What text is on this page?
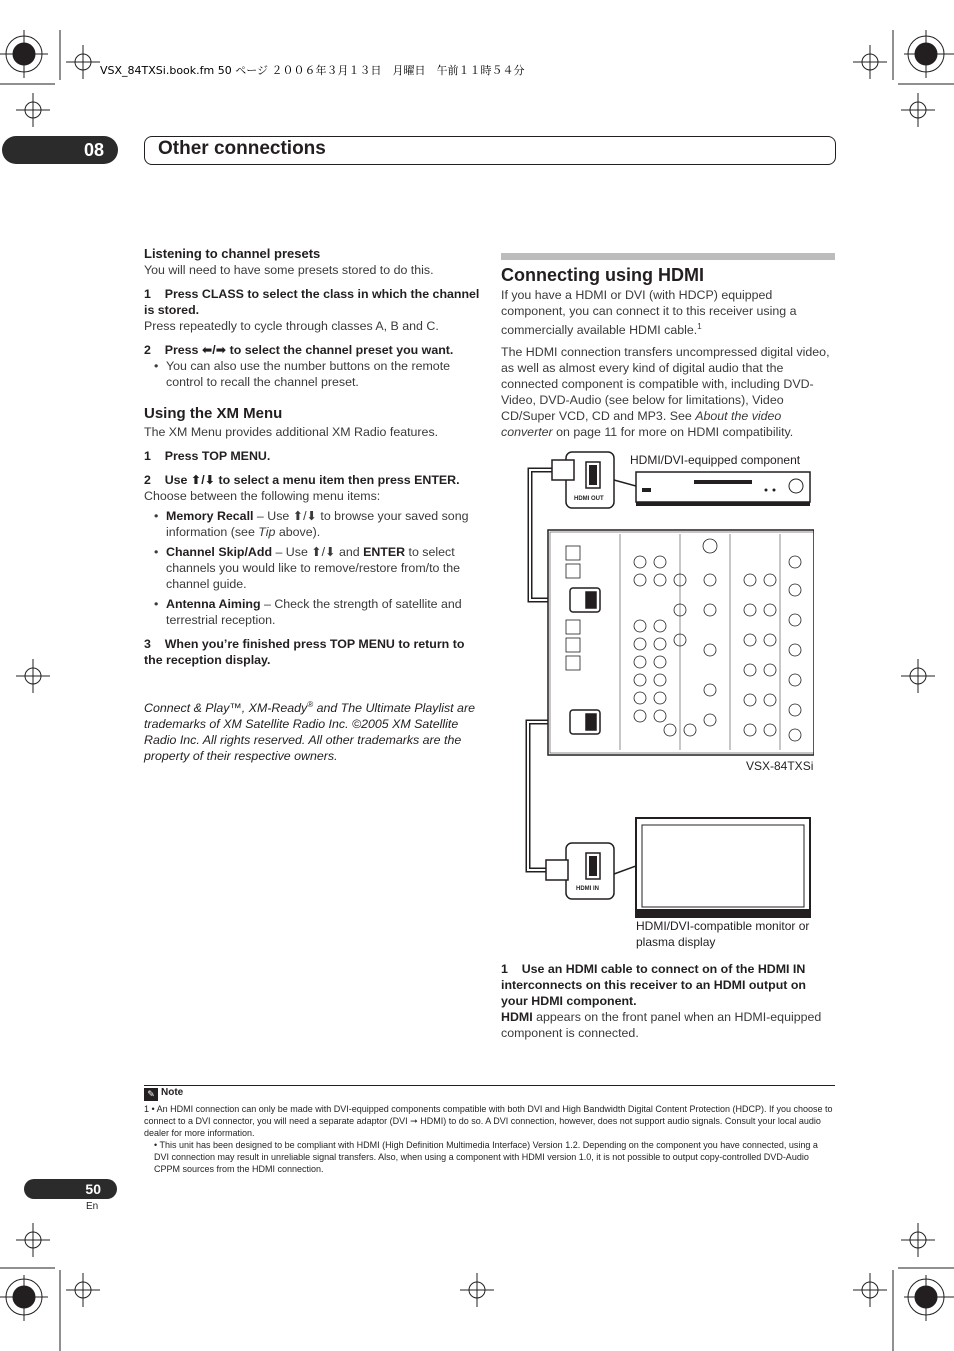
VSX_84TXSi.book.fm 50 ページ ２００６年３月１３日　月曜日　午前１１時５４分
08	Other connections
Listening to channel presets
You will need to have some presets stored to do this.
1 Press CLASS to select the class in which the channel is stored.
Press repeatedly to cycle through classes A, B and C.
2 Press ⬅/➡ to select the channel preset you want.
• You can also use the number buttons on the remote control to recall the channel preset.
Using the XM Menu
The XM Menu provides additional XM Radio features.
1 Press TOP MENU.
2 Use ⬆/⬇ to select a menu item then press ENTER.
Choose between the following menu items:
• Memory Recall – Use ⬆/⬇ to browse your saved song information (see Tip above).
• Channel Skip/Add – Use ⬆/⬇ and ENTER to select channels you would like to remove/restore from/to the channel guide.
• Antenna Aiming – Check the strength of satellite and terrestrial reception.
3 When you’re finished press TOP MENU to return to the reception display.
Connect & Play™, XM-Ready® and The Ultimate Playlist are trademarks of XM Satellite Radio Inc. ©2005 XM Satellite Radio Inc. All rights reserved. All other trademarks are the property of their respective owners.
Connecting using HDMI
If you have a HDMI or DVI (with HDCP) equipped component, you can connect it to this receiver using a commercially available HDMI cable.$^1$
The HDMI connection transfers uncompressed digital video, as well as almost every kind of digital audio that the connected component is compatible with, including DVD-Video, DVD-Audio (see below for limitations), Video CD/Super VCD, CD and MP3. See About the video converter on page 11 for more on HDMI compatibility.
HDMI/DVI-equipped component
HDMI OUT
VSX-84TXSi
HDMI IN
HDMI/DVI-compatible monitor or plasma display
1 Use an HDMI cable to connect on of the HDMI IN interconnects on this receiver to an HDMI output on your HDMI component.
HDMI appears on the front panel when an HDMI-equipped component is connected.
✎ Note
1 • An HDMI connection can only be made with DVI-equipped components compatible with both DVI and High Bandwidth Digital Content Protection (HDCP). If you choose to connect to a DVI connector, you will need a separate adaptor (DVI ➞ HDMI) to do so. A DVI connection, however, does not support audio signals. Consult your local audio dealer for more information.
• This unit has been designed to be compliant with HDMI (High Definition Multimedia Interface) Version 1.2. Depending on the component you have connected, using a DVI connection may result in unreliable signal transfers. Also, when using a component with HDMI version 1.0, it is not possible to output copy-controlled DVD-Audio CPPM sources from the HDMI connection.
50
En
